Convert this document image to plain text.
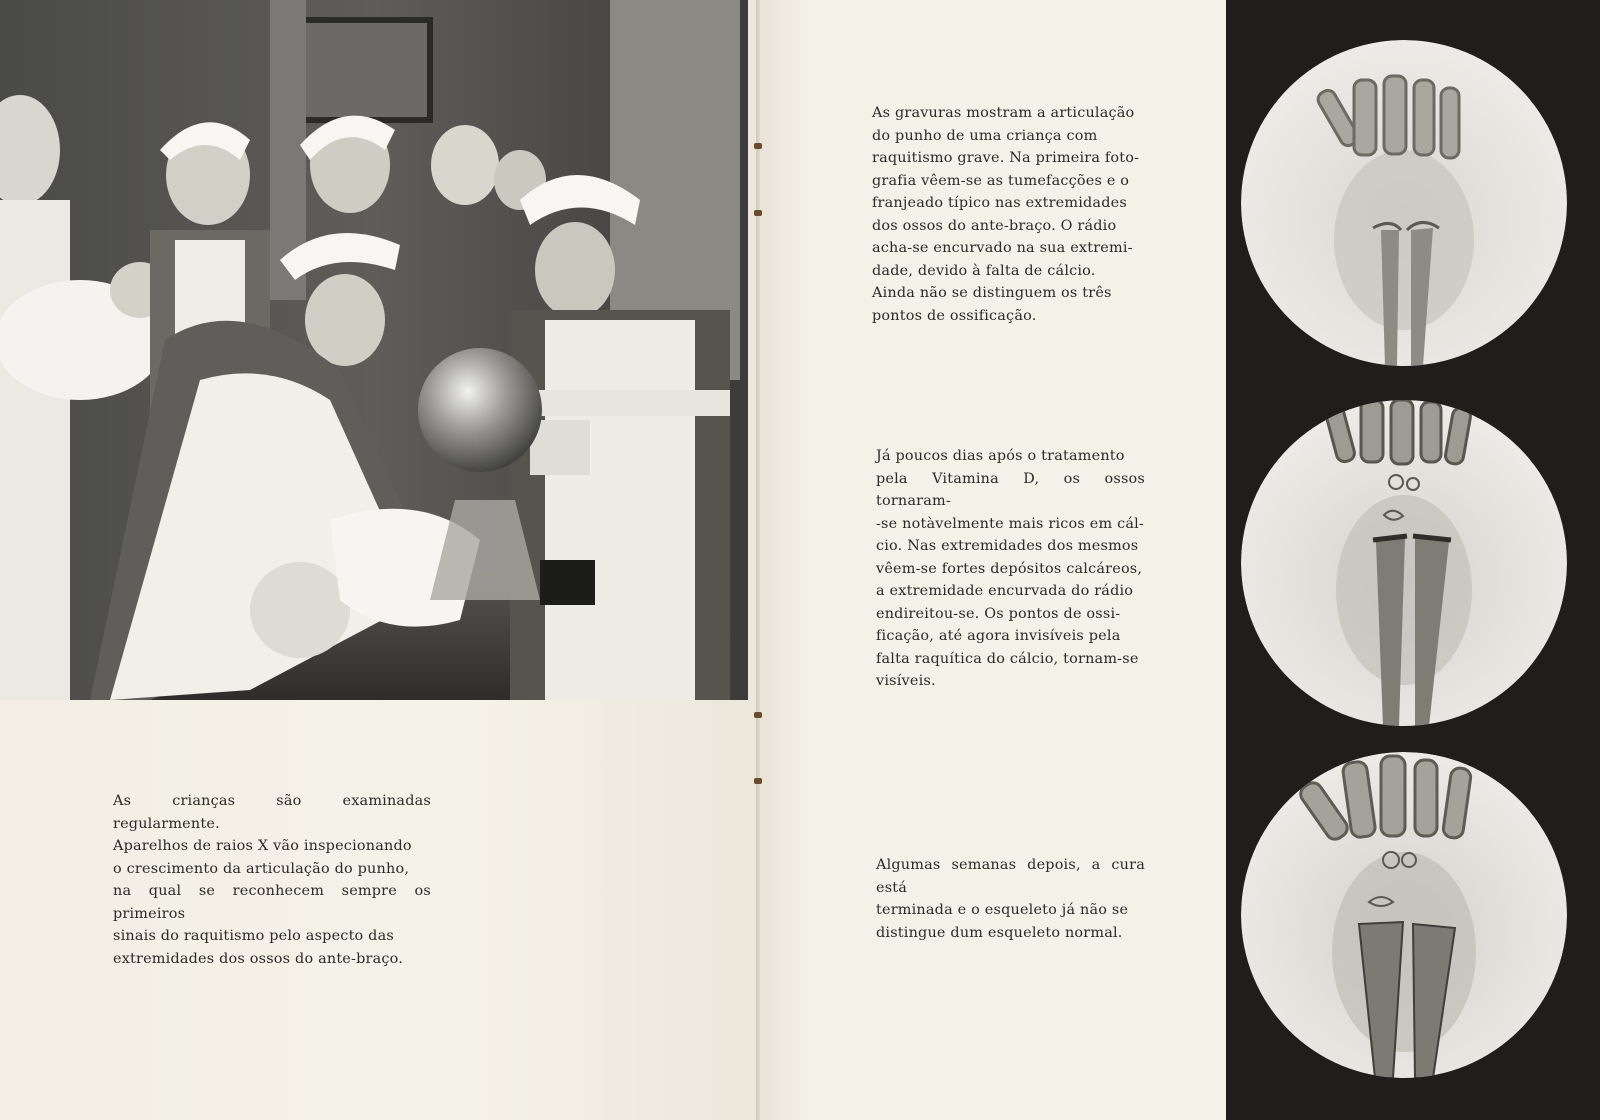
As crianças são examinadas regularmente.

Aparelhos de raios X vão inspecionando

o crescimento da articulação do punho,

na qual se reconhecem sempre os primeiros

sinais do raquitismo pelo aspecto das

extremidades dos ossos do ante-braço.

As gravuras mostram a articulação

do punho de uma criança com

raquitismo grave. Na primeira foto-

grafia vêem-se as tumefacções e o

franjeado típico nas extremidades

dos ossos do ante-braço. O rádio

acha-se encurvado na sua extremi-

dade, devido à falta de cálcio.

Ainda não se distinguem os três

pontos de ossificação.

Já poucos dias após o tratamento

pela Vitamina D, os ossos tornaram-

-se notàvelmente mais ricos em cál-

cio. Nas extremidades dos mesmos

vêem-se fortes depósitos calcáreos,

a extremidade encurvada do rádio

endireitou-se. Os pontos de ossi-

ficação, até agora invisíveis pela

falta raquítica do cálcio, tornam-se

visíveis.

Algumas semanas depois, a cura está

terminada e o esqueleto já não se

distingue dum esqueleto normal.
